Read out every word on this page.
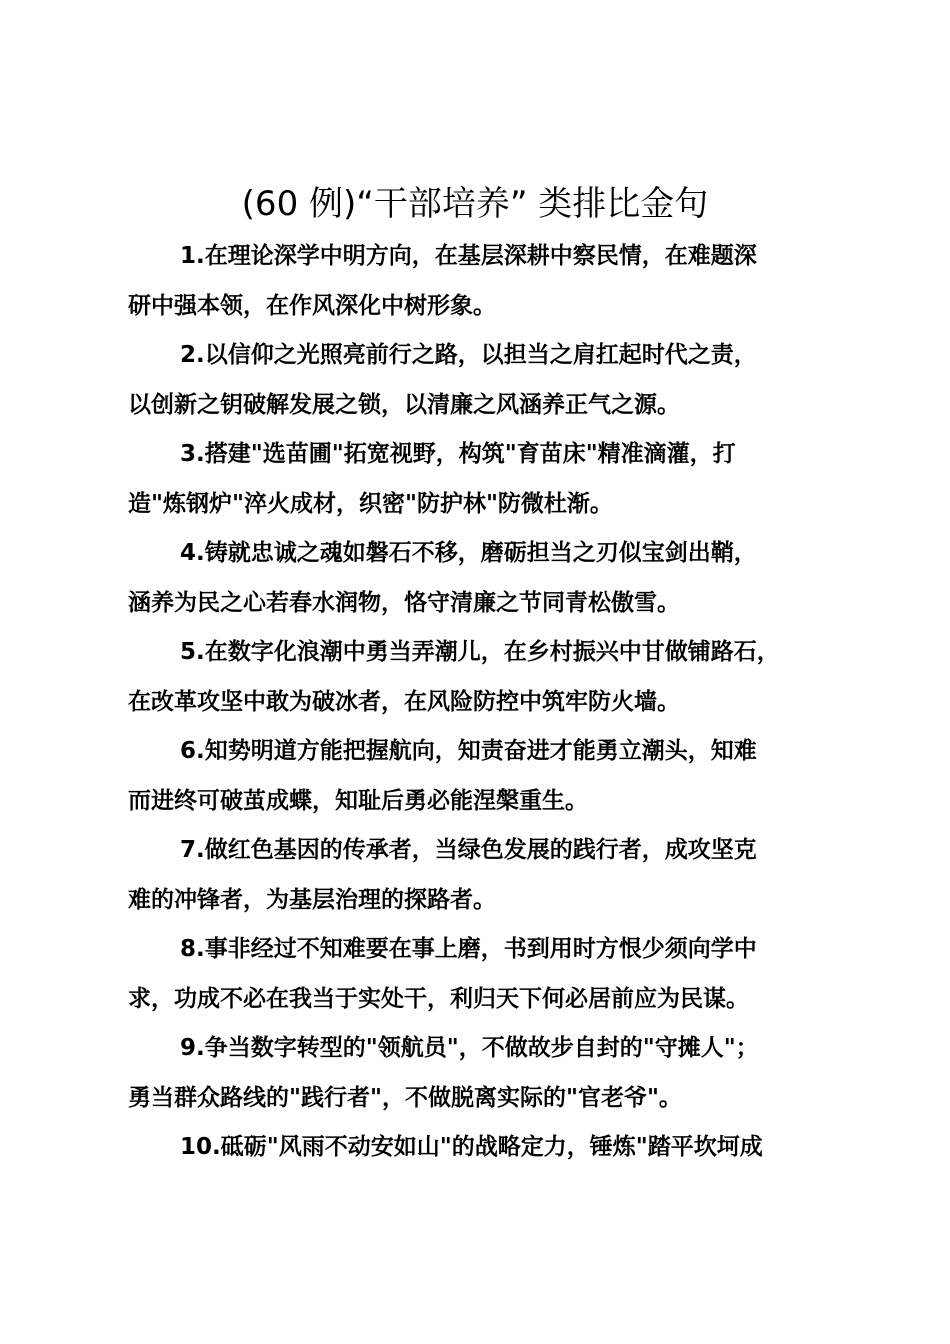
(60 例)“干部培养” 类排比金句
1.在理论深学中明方向，在基层深耕中察民情，在难题深
研中强本领，在作风深化中树形象。
2.以信仰之光照亮前行之路，以担当之肩扛起时代之责，
以创新之钥破解发展之锁，以清廉之风涵养正气之源。
3.搭建"选苗圃"拓宽视野，构筑"育苗床"精准滴灌，打
造"炼钢炉"淬火成材，织密"防护林"防微杜渐。
4.铸就忠诚之魂如磐石不移，磨砺担当之刃似宝剑出鞘，
涵养为民之心若春水润物，恪守清廉之节同青松傲雪。
5.在数字化浪潮中勇当弄潮儿，在乡村振兴中甘做铺路石，
在改革攻坚中敢为破冰者，在风险防控中筑牢防火墙。
6.知势明道方能把握航向，知责奋进才能勇立潮头，知难
而进终可破茧成蝶，知耻后勇必能涅槃重生。
7.做红色基因的传承者，当绿色发展的践行者，成攻坚克
难的冲锋者，为基层治理的探路者。
8.事非经过不知难要在事上磨，书到用时方恨少须向学中
求，功成不必在我当于实处干，利归天下何必居前应为民谋。
9.争当数字转型的"领航员"，不做故步自封的"守摊人"；
勇当群众路线的"践行者"，不做脱离实际的"官老爷"。
10.砥砺"风雨不动安如山"的战略定力，锤炼"踏平坎坷成
